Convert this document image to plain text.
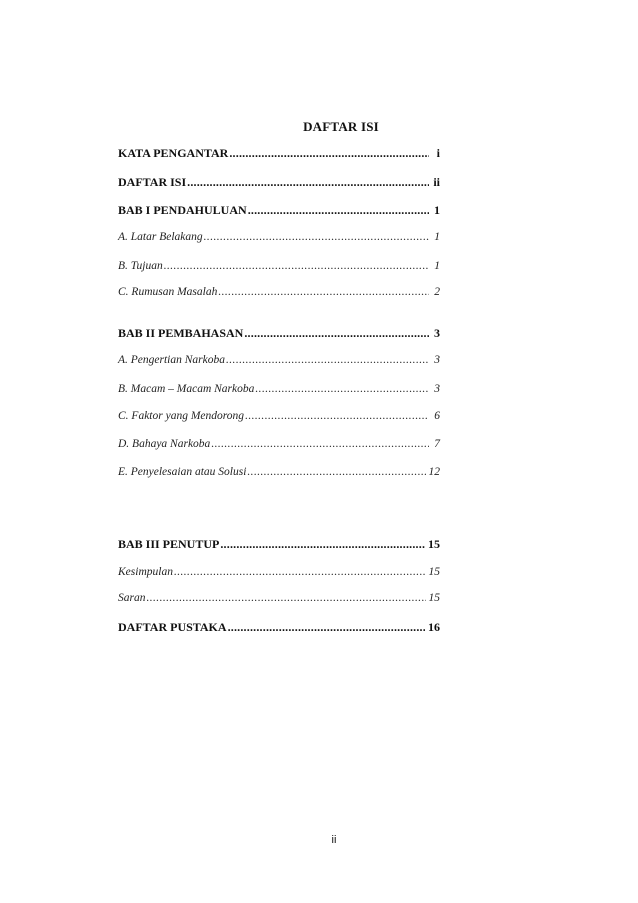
DAFTAR ISI
KATA PENGANTAR .....	i
DAFTAR ISI .....	ii
BAB I PENDAHULUAN .....	1
A. Latar Belakang .....	1
B. Tujuan .....	1
C. Rumusan Masalah .....	2
BAB II PEMBAHASAN .....	3
A. Pengertian Narkoba .....	3
B. Macam – Macam Narkoba .....	3
C. Faktor yang Mendorong .....	6
D. Bahaya Narkoba .....	7
E. Penyelesaian atau Solusi .....	12
BAB III PENUTUP .....	15
Kesimpulan .....	15
Saran .....	15
DAFTAR PUSTAKA .....	16
ii
